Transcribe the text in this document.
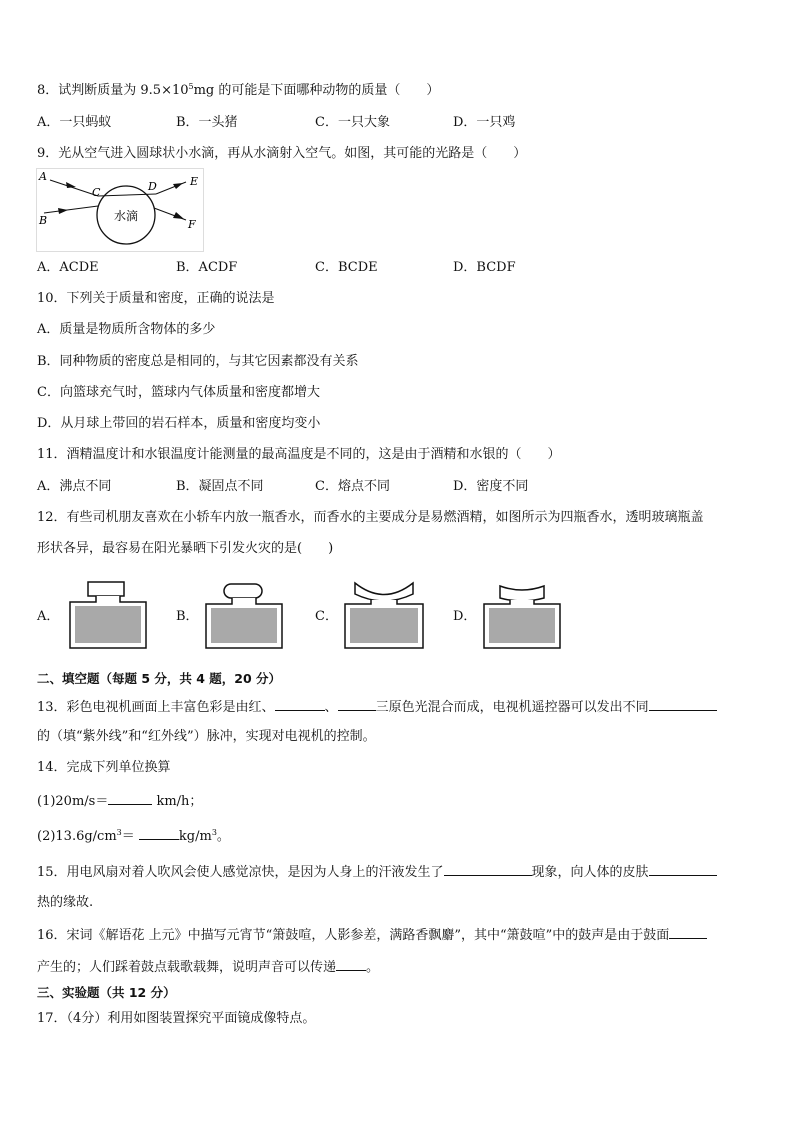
8．试判断质量为 $9.5\times 10^5mg$ 的可能是下面哪种动物的质量（　　）
A．一只蚂蚁	B．一头猪	C．一只大象	D．一只鸡
9．光从空气进入圆球状小水滴，再从水滴射入空气。如图，其可能的光路是（　　）
水滴
A
B
C	D	E
F
A．ACDE	B．ACDF	C．BCDE	D．BCDF
10．下列关于质量和密度，正确的说法是
A．质量是物质所含物体的多少
B．同种物质的密度总是相同的，与其它因素都没有关系
C．向篮球充气时，篮球内气体质量和密度都增大
D．从月球上带回的岩石样本，质量和密度均变小
11．酒精温度计和水银温度计能测量的最高温度是不同的，这是由于酒精和水银的（　　）
A．沸点不同	B．凝固点不同	C．熔点不同	D．密度不同
12．有些司机朋友喜欢在小轿车内放一瓶香水，而香水的主要成分是易燃酒精，如图所示为四瓶香水，透明玻璃瓶盖
形状各异，最容易在阳光暴晒下引发火灾的是(　　)
A．	B．	C．	D．
二、填空题（每题 5 分，共 4 题，20 分）
13．彩色电视机画面上丰富色彩是由红、	、	三原色光混合而成，电视机遥控器可以发出不同
的（填“紫外线”和“红外线”）脉冲，实现对电视机的控制。
14．完成下列单位换算
(1)20m/s＝	km/h；
$(2)13.6g/cm^3=$	$kg/m^3$。
15．用电风扇对着人吹风会使人感觉凉快，是因为人身上的汗液发生了	现象，向人体的皮肤
热的缘故.
16．宋词《解语花 上元》中描写元宵节“箫鼓喧，人影参差，满路香飘麝”，其中“箫鼓喧”中的鼓声是由于鼓面
产生的；人们踩着鼓点载歌载舞，说明声音可以传递 。
三、实验题（共 12 分）
17．（4分）利用如图装置探究平面镜成像特点。
